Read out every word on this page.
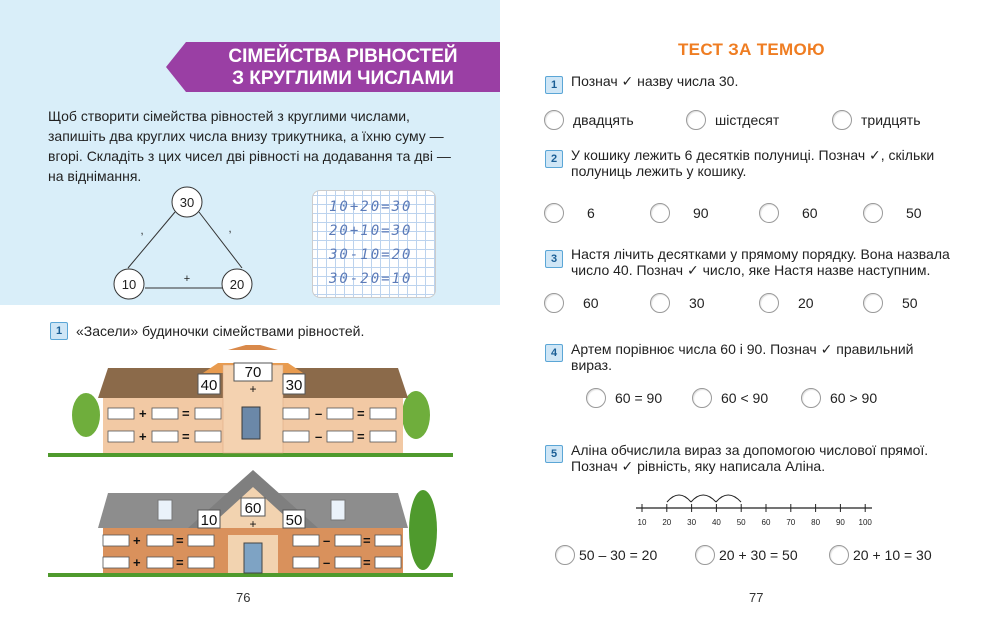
СІМЕЙСТВА РІВНОСТЕЙ
З КРУГЛИМИ ЧИСЛАМИ
Щоб створити сімейства рівностей з круглими числами, запишіть два круглих числа внизу трикутника, а їхню суму — вгорі. Складіть з цих чисел дві рівності на додавання та дві — на віднімання.
30
10	20
+
,	,
10+20=30
20+10=30
30-10=20
30-20=10
1 «Засели» будиночки сімействами рівностей.
40	30
70
+
+	=
+	=
–	=
–	=
10	50
60
+
+	=
+	=
–	=
–	=
76
ТЕСТ ЗА ТЕМОЮ
1 Познач ✓ назву числа 30.
двадцять	шістдесят	тридцять
2 У кошику лежить 6 десятків полуниці. Познач ✓, скільки
полуниць лежить у кошику.
6	90	60	50
3 Настя лічить десятками у прямому порядку. Вона назвала
число 40. Познач ✓ число, яке Настя назве наступним.
60	30	20	50
4 Артем порівнює числа 60 і 90. Познач ✓ правильний
вираз.
60 = 90	60 < 90	60 > 90
5 Аліна обчислила вираз за допомогою числової прямої.
Познач ✓ рівність, яку написала Аліна.
10 20 30 40 50 60 70 80 90 100
50 – 30 = 20	20 + 30 = 50	20 + 10 = 30
77
